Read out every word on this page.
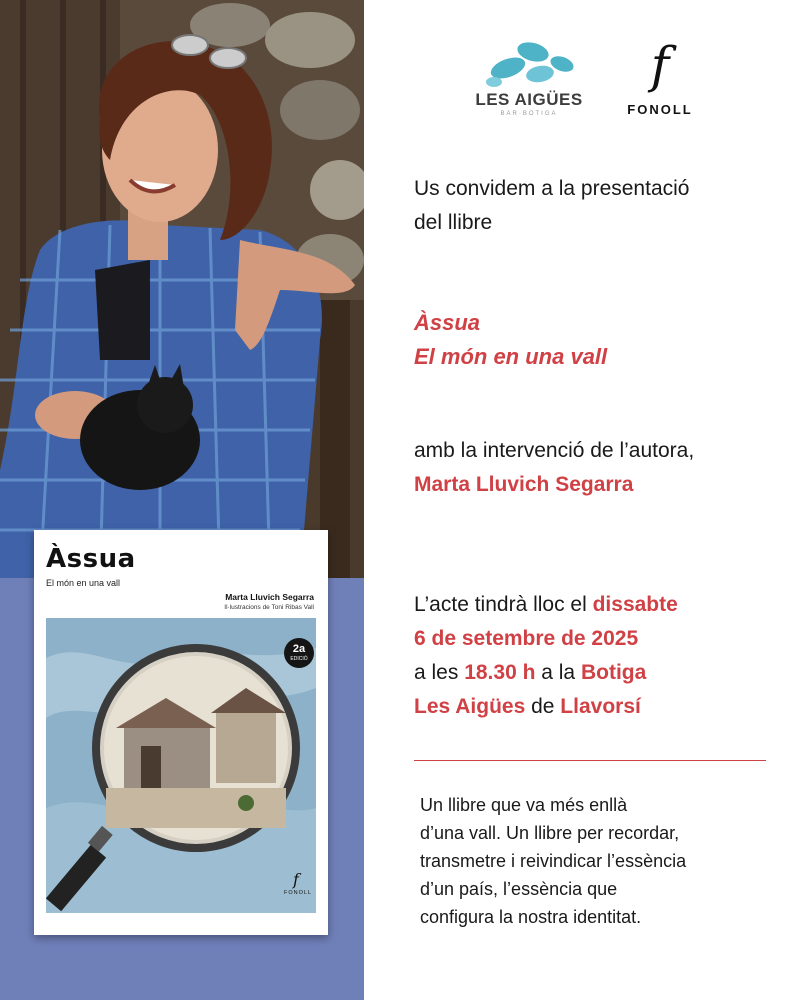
Àssua
El món en una vall
Marta Lluvich Segarra
Il·lustracions de Toni Ribas Vall
2a
EDICIÓ
f
FONOLL
LES AIGÜES
BAR·BOTIGA
f
FONOLL
Us convidem a la presentació
del llibre
Àssua
El món en una vall
amb la intervenció de l’autora,
Marta Lluvich Segarra
L’acte tindrà lloc el dissabte
6 de setembre de 2025
a les 18.30 h a la Botiga
Les Aigües de Llavorsí
Un llibre que va més enllà
d’una vall. Un llibre per recordar,
transmetre i reivindicar l’essència
d’un país, l’essència que
configura la nostra identitat.
